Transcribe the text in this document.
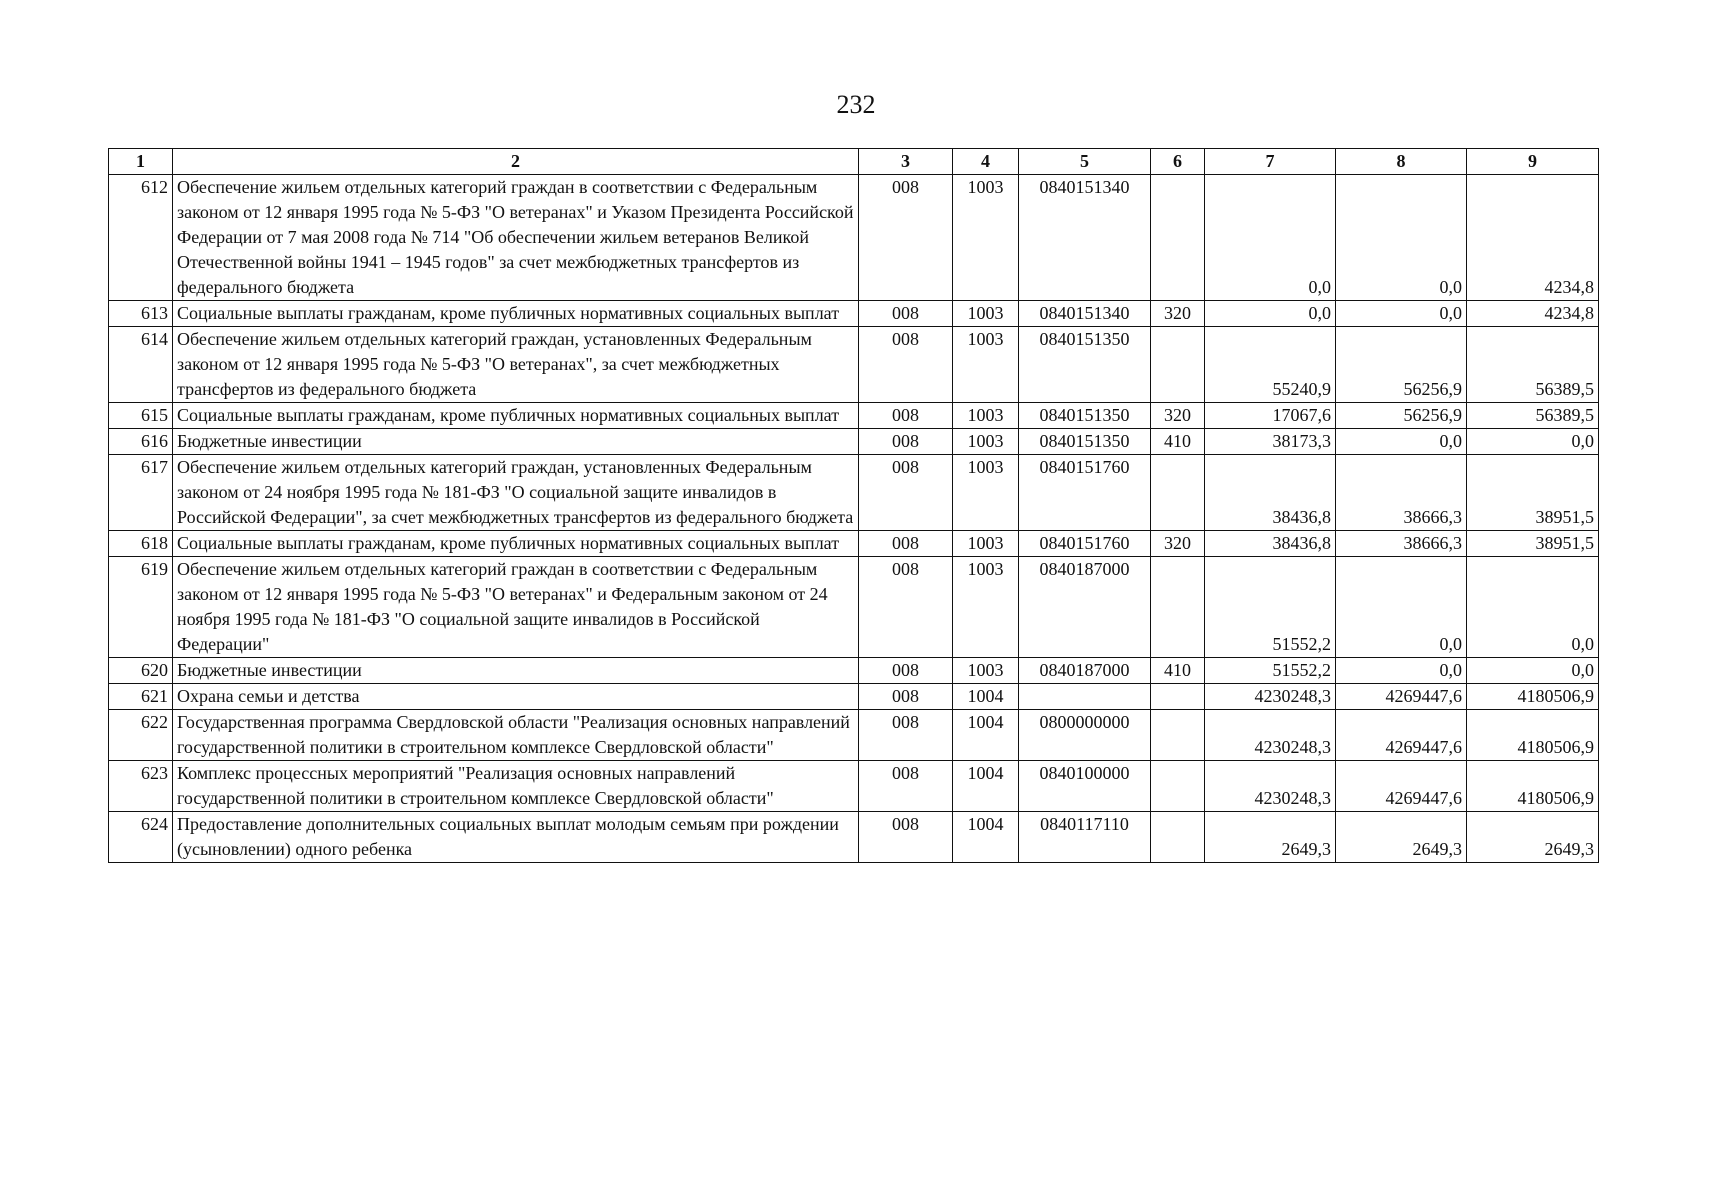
232
1	2	3	4	5	6	7	8	9
612	Обеспечение жильем отдельных категорий граждан в соответствии с Федеральным законом от 12 января 1995 года № 5-ФЗ "О ветеранах" и Указом Президента Российской Федерации от 7 мая 2008 года № 714 "Об обеспечении жильем ветеранов Великой Отечественной войны 1941 – 1945 годов" за счет межбюджетных трансфертов из федерального бюджета	008	1003	0840151340		0,0	0,0	4234,8
613	Социальные выплаты гражданам, кроме публичных нормативных социальных выплат	008	1003	0840151340	320	0,0	0,0	4234,8
614	Обеспечение жильем отдельных категорий граждан, установленных Федеральным законом от 12 января 1995 года № 5-ФЗ "О ветеранах", за счет межбюджетных трансфертов из федерального бюджета	008	1003	0840151350		55240,9	56256,9	56389,5
615	Социальные выплаты гражданам, кроме публичных нормативных социальных выплат	008	1003	0840151350	320	17067,6	56256,9	56389,5
616	Бюджетные инвестиции	008	1003	0840151350	410	38173,3	0,0	0,0
617	Обеспечение жильем отдельных категорий граждан, установленных Федеральным законом от 24 ноября 1995 года № 181-ФЗ "О социальной защите инвалидов в Российской Федерации", за счет межбюджетных трансфертов из федерального бюджета	008	1003	0840151760		38436,8	38666,3	38951,5
618	Социальные выплаты гражданам, кроме публичных нормативных социальных выплат	008	1003	0840151760	320	38436,8	38666,3	38951,5
619	Обеспечение жильем отдельных категорий граждан в соответствии с Федеральным законом от 12 января 1995 года № 5-ФЗ "О ветеранах" и Федеральным законом от 24 ноября 1995 года № 181-ФЗ "О социальной защите инвалидов в Российской Федерации"	008	1003	0840187000		51552,2	0,0	0,0
620	Бюджетные инвестиции	008	1003	0840187000	410	51552,2	0,0	0,0
621	Охрана семьи и детства	008	1004			4230248,3	4269447,6	4180506,9
622	Государственная программа Свердловской области "Реализация основных направлений государственной политики в строительном комплексе Свердловской области"	008	1004	0800000000		4230248,3	4269447,6	4180506,9
623	Комплекс процессных мероприятий "Реализация основных направлений государственной политики в строительном комплексе Свердловской области"	008	1004	0840100000		4230248,3	4269447,6	4180506,9
624	Предоставление дополнительных социальных выплат молодым семьям при рождении (усыновлении) одного ребенка	008	1004	0840117110		2649,3	2649,3	2649,3
